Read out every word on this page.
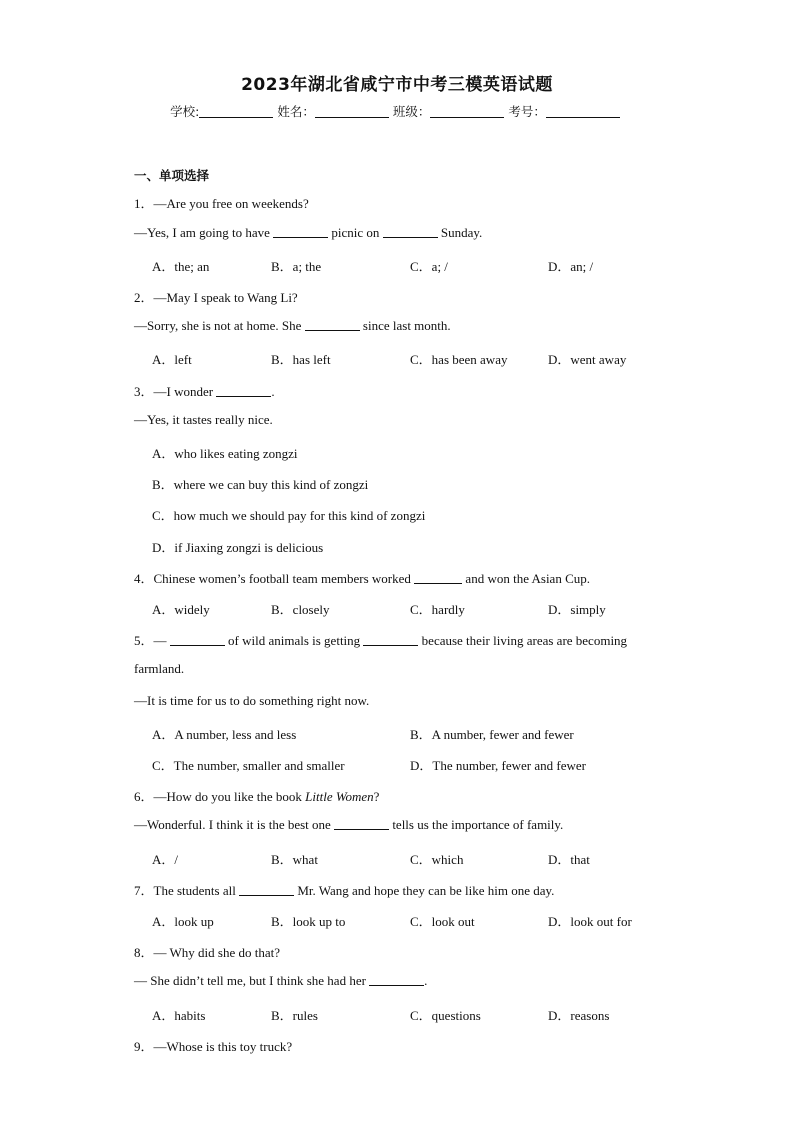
2023年湖北省咸宁市中考三模英语试题
学校:	姓名：	班级：	考号：
一、单项选择
1．—Are you free on weekends?
—Yes, I am going to have	picnic on	Sunday.
A．the; an	B．a; the	C．a; /	D．an; /
2．—May I speak to Wang Li?
—Sorry, she is not at home. She	since last month.
A．left	B．has left	C．has been away	D．went away
3．—I wonder	.
—Yes, it tastes really nice.
A．who likes eating zongzi
B．where we can buy this kind of zongzi
C．how much we should pay for this kind of zongzi
D．if Jiaxing zongzi is delicious
4．Chinese women’s football team members worked	and won the Asian Cup.
A．widely	B．closely	C．hardly	D．simply
5．—	of wild animals is getting	because their living areas are becoming
farmland.
—It is time for us to do something right now.
A．A number, less and less	B．A number, fewer and fewer
C．The number, smaller and smaller	D．The number, fewer and fewer
6．—How do you like the book Little Women?
—Wonderful. I think it is the best one	tells us the importance of family.
A．/	B．what	C．which	D．that
7．The students all	Mr. Wang and hope they can be like him one day.
A．look up	B．look up to	C．look out	D．look out for
8．— Why did she do that?
— She didn’t tell me, but I think she had her	.
A．habits	B．rules	C．questions	D．reasons
9．—Whose is this toy truck?
